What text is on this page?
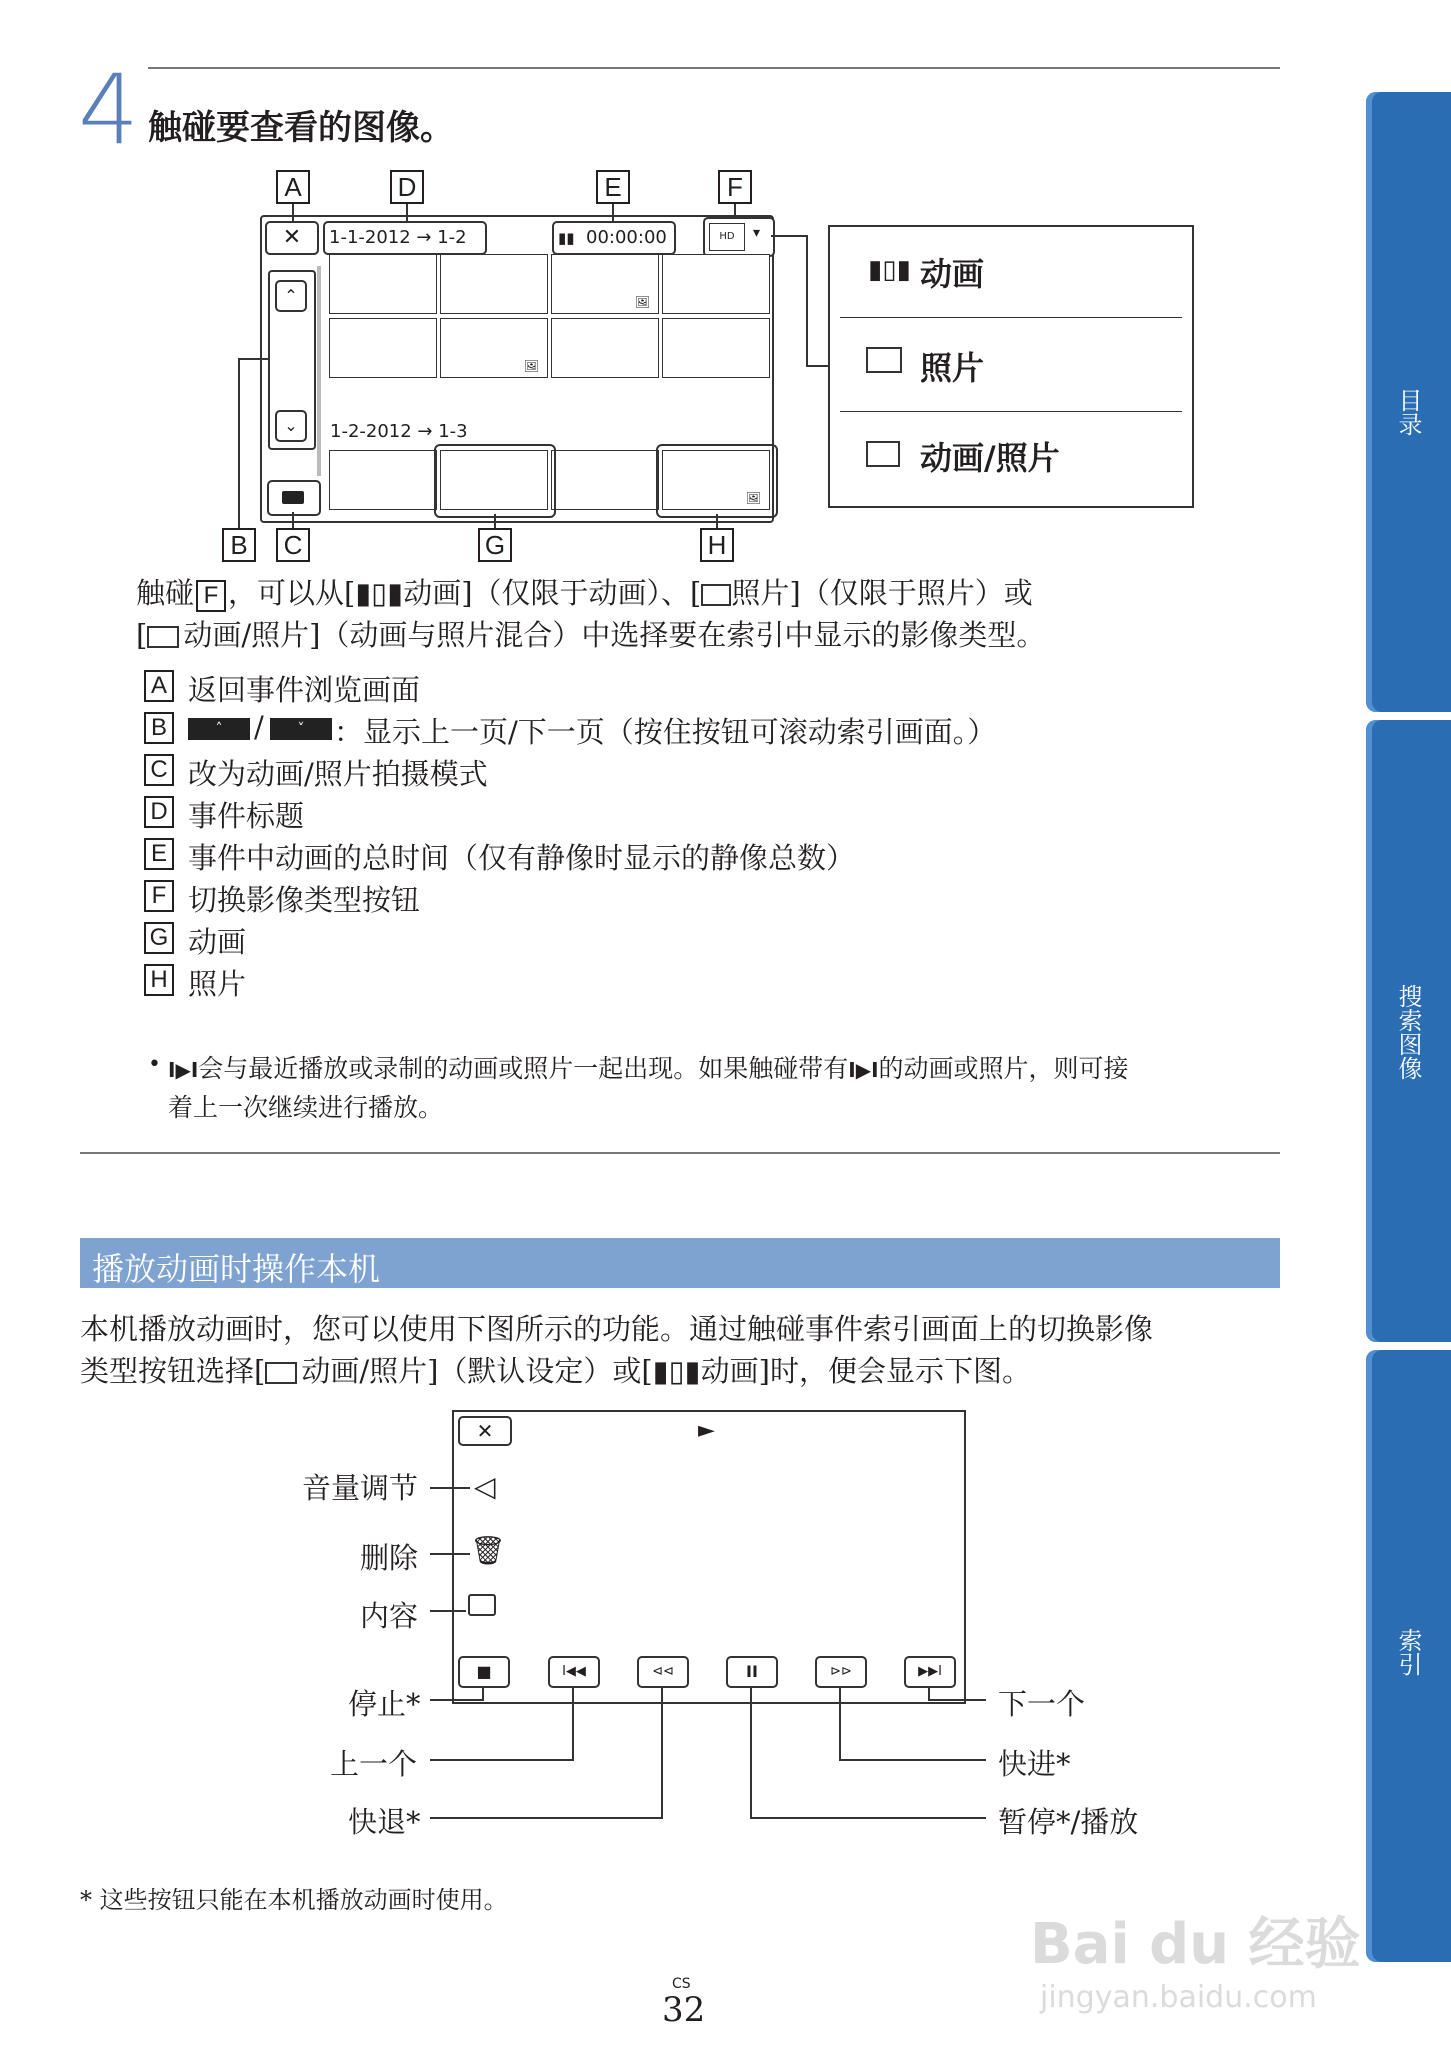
4 触碰要查看的图像。
A	D	E	F
✕	1-1-2012 → 1-2	▮▮ 00:00:00	HD	▾
⌃
⌄
🖼︎
🖼︎
1-2-2012 → 1-3
🖼︎
B	C	G	H
▮▯▮ 动画
照片
动画/照片
触碰 F ，可以从[▮▯▮动画]（仅限于动画）、[ 照片]（仅限于照片）或
[ 动画/照片]（动画与照片混合）中选择要在索引中显示的影像类型。
A 返回事件浏览画面
B	˄	/	˅	：显示上一页/下一页（按住按钮可滚动索引画面。）
C 改为动画/照片拍摄模式
D 事件标题
E 事件中动画的总时间（仅有静像时显示的静像总数）
F 切换影像类型按钮
G 动画
H 照片
• I▶I会与最近播放或录制的动画或照片一起出现。如果触碰带有I▶I的动画或照片，则可接
着上一次继续进行播放。
播放动画时操作本机
本机播放动画时，您可以使用下图所示的功能。通过触碰事件索引画面上的切换影像
类型按钮选择[ 动画/照片]（默认设定）或[▮▯▮动画]时，便会显示下图。
✕	►
◁
🗑︎
音量调节
删除
内容
■	I◀◀	⊲⊲	II	⊳⊳	▶▶I
停止*
上一个
快退*
下一个
快进*
暂停*/播放
* 这些按钮只能在本机播放动画时使用。
CS
32
目录
搜索图像
索引
Bai du 经验
jingyan.baidu.com
